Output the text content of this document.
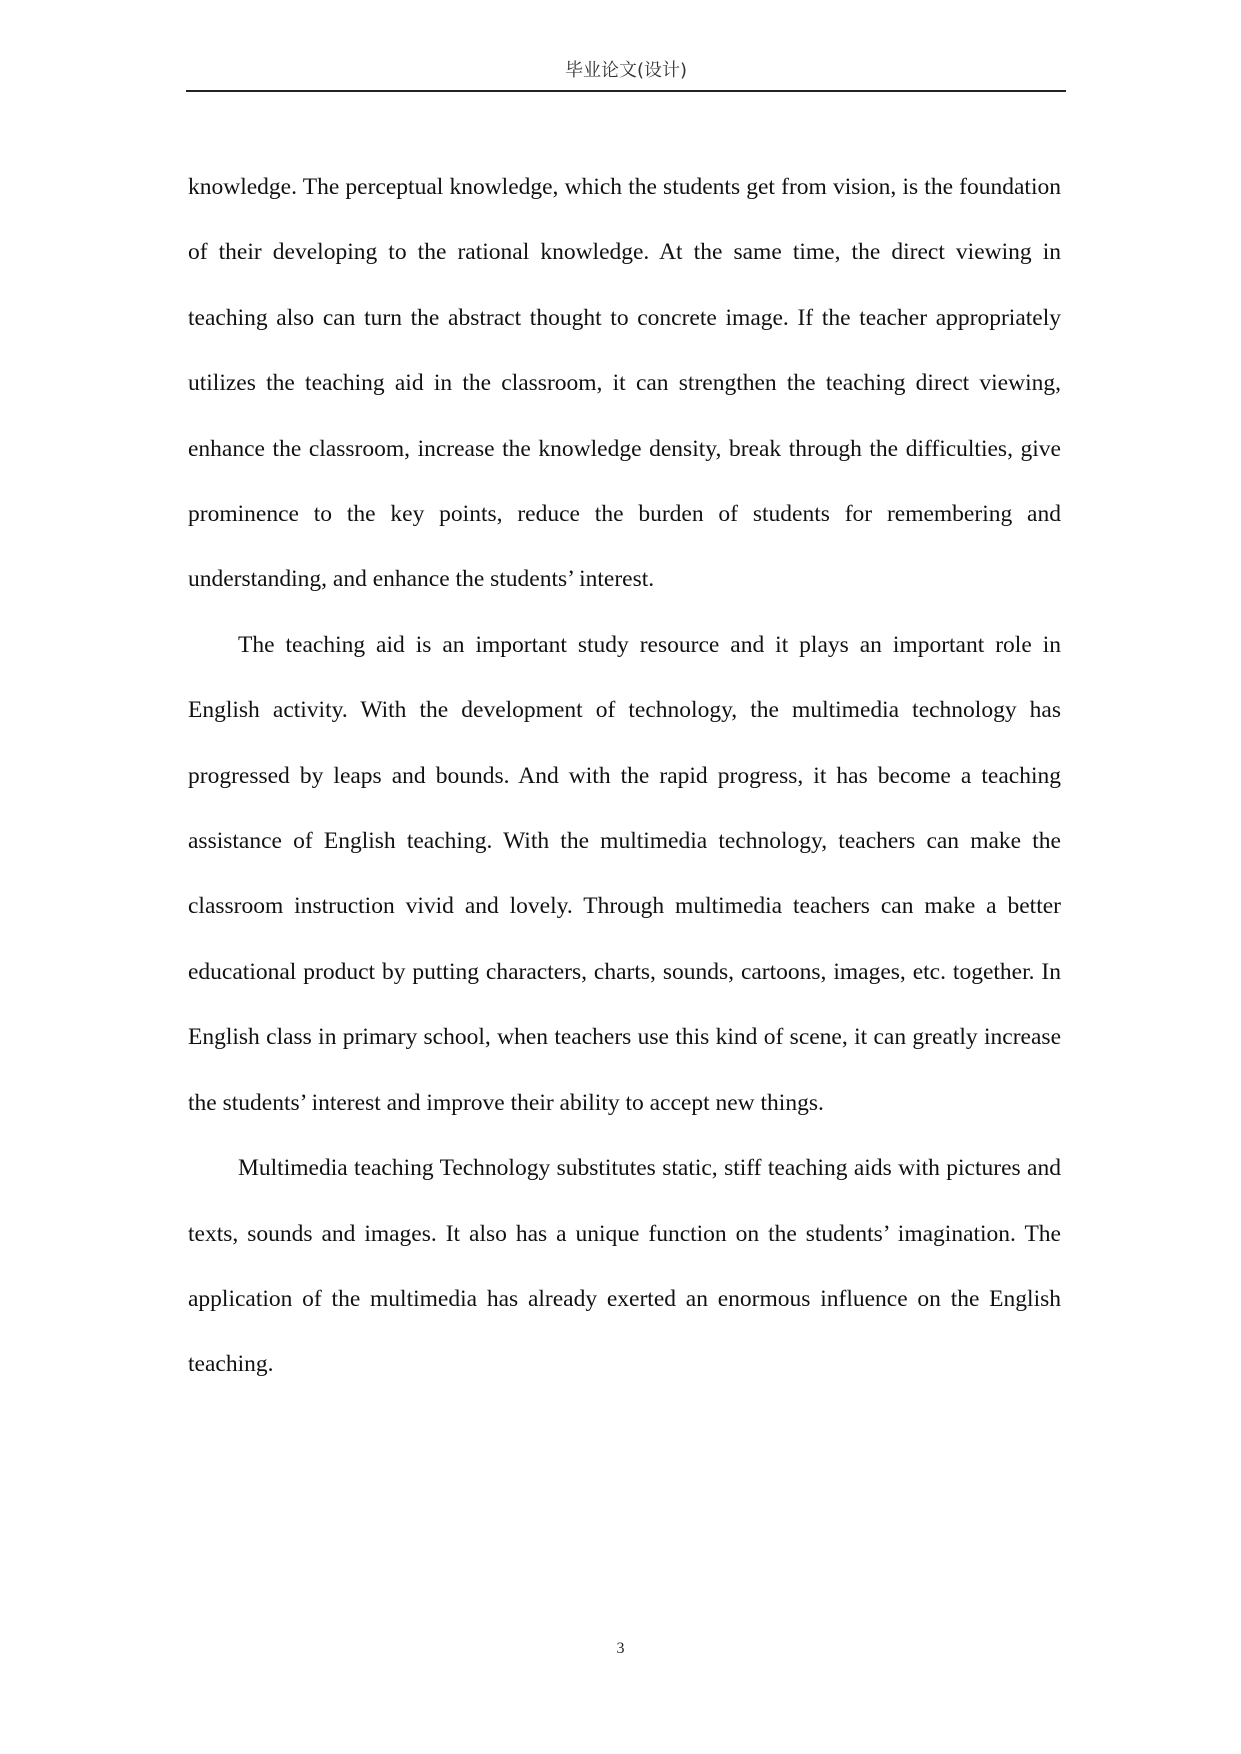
毕业论文(设计)

knowledge. The perceptual knowledge, which the students get from vision, is the foundation of their developing to the rational knowledge. At the same time, the direct viewing in teaching also can turn the abstract thought to concrete image. If the teacher appropriately utilizes the teaching aid in the classroom, it can strengthen the teaching direct viewing, enhance the classroom, increase the knowledge density, break through the difficulties, give prominence to the key points, reduce the burden of students for remembering and understanding, and enhance the students’ interest.

The teaching aid is an important study resource and it plays an important role in English activity. With the development of technology, the multimedia technology has progressed by leaps and bounds. And with the rapid progress, it has become a teaching assistance of English teaching. With the multimedia technology, teachers can make the classroom instruction vivid and lovely. Through multimedia teachers can make a better educational product by putting characters, charts, sounds, cartoons, images, etc. together. In English class in primary school, when teachers use this kind of scene, it can greatly increase the students’ interest and improve their ability to accept new things.

Multimedia teaching Technology substitutes static, stiff teaching aids with pictures and texts, sounds and images. It also has a unique function on the students’ imagination. The application of the multimedia has already exerted an enormous influence on the English teaching.

3
